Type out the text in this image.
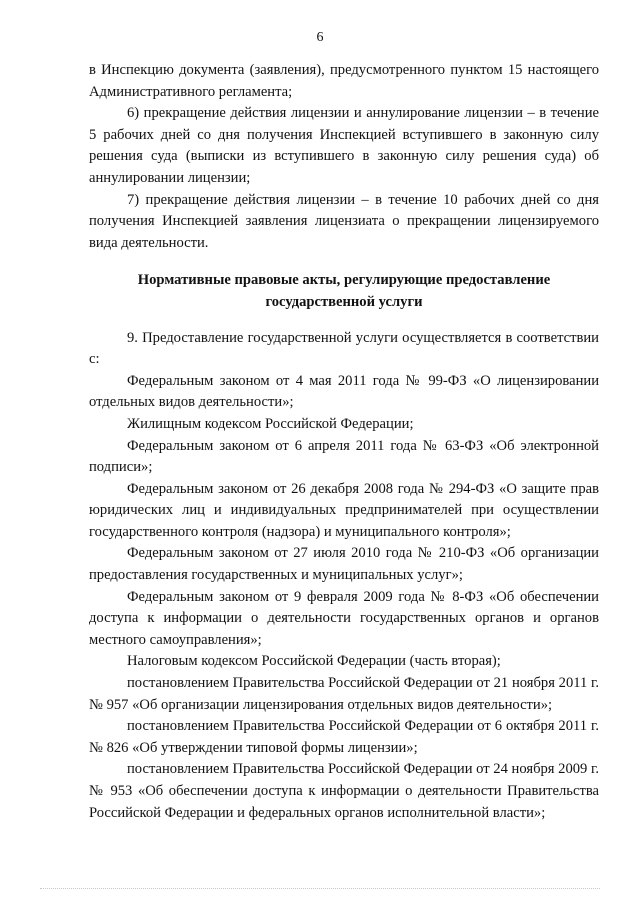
6

в Инспекцию документа (заявления), предусмотренного пунктом 15 настоящего Административного регламента;

6) прекращение действия лицензии и аннулирование лицензии – в течение 5 рабочих дней со дня получения Инспекцией вступившего в законную силу решения суда (выписки из вступившего в законную силу решения суда) об аннулировании лицензии;

7) прекращение действия лицензии – в течение 10 рабочих дней со дня получения Инспекцией заявления лицензиата о прекращении лицензируемого вида деятельности.

Нормативные правовые акты, регулирующие предоставление
государственной услуги

9. Предоставление государственной услуги осуществляется в соответствии с:

Федеральным законом от 4 мая 2011 года № 99-ФЗ «О лицензировании отдельных видов деятельности»;

Жилищным кодексом Российской Федерации;

Федеральным законом от 6 апреля 2011 года № 63-ФЗ «Об электронной подписи»;

Федеральным законом от 26 декабря 2008 года № 294-ФЗ «О защите прав юридических лиц и индивидуальных предпринимателей при осуществлении государственного контроля (надзора) и муниципального контроля»;

Федеральным законом от 27 июля 2010 года № 210-ФЗ «Об организации предоставления государственных и муниципальных услуг»;

Федеральным законом от 9 февраля 2009 года № 8-ФЗ «Об обеспечении доступа к информации о деятельности государственных органов и органов местного самоуправления»;

Налоговым кодексом Российской Федерации (часть вторая);

постановлением Правительства Российской Федерации от 21 ноября 2011 г. № 957 «Об организации лицензирования отдельных видов деятельности»;

постановлением Правительства Российской Федерации от 6 октября 2011 г. № 826 «Об утверждении типовой формы лицензии»;

постановлением Правительства Российской Федерации от 24 ноября 2009 г. № 953 «Об обеспечении доступа к информации о деятельности Правительства Российской Федерации и федеральных органов исполнительной власти»;
